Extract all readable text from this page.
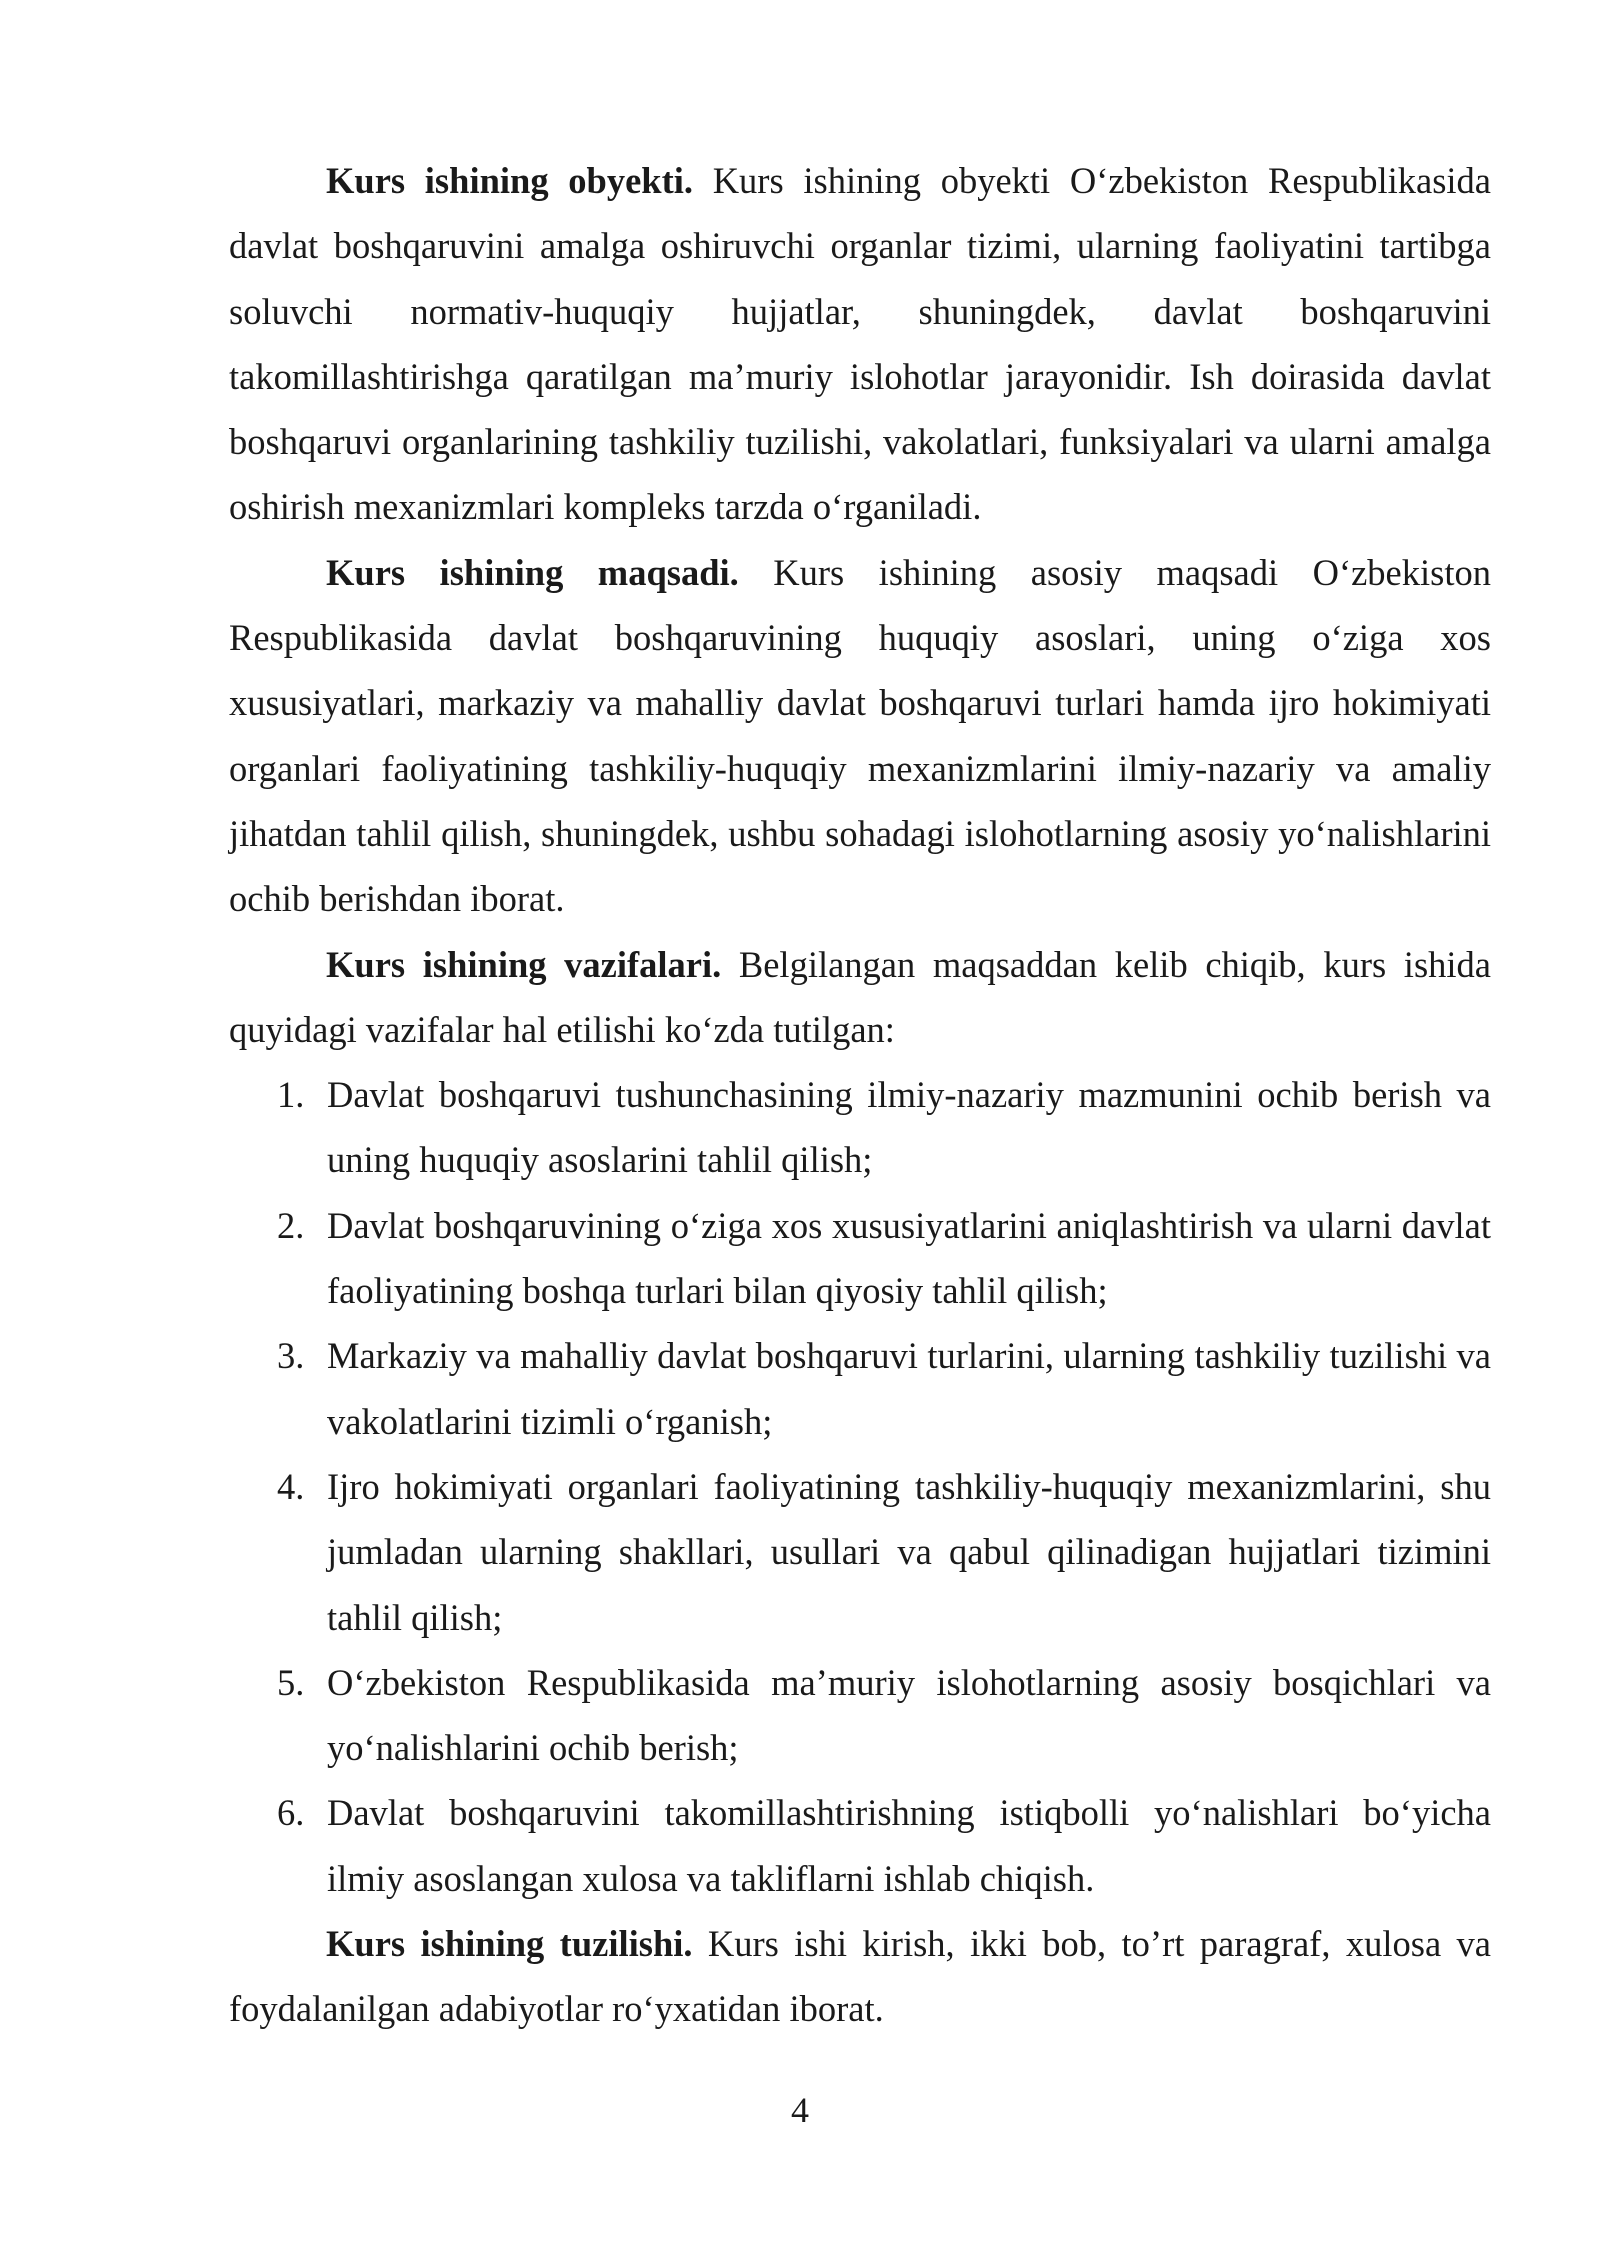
Kurs ishining obyekti. Kurs ishining obyekti O‘zbekiston Respublikasida davlat boshqaruvini amalga oshiruvchi organlar tizimi, ularning faoliyatini tartibga soluvchi normativ-huquqiy hujjatlar, shuningdek, davlat boshqaruvini takomillashtirishga qaratilgan ma’muriy islohotlar jarayonidir. Ish doirasida davlat boshqaruvi organlarining tashkiliy tuzilishi, vakolatlari, funksiyalari va ularni amalga oshirish mexanizmlari kompleks tarzda o‘rganiladi.

Kurs ishining maqsadi. Kurs ishining asosiy maqsadi O‘zbekiston Respublikasida davlat boshqaruvining huquqiy asoslari, uning o‘ziga xos xususiyatlari, markaziy va mahalliy davlat boshqaruvi turlari hamda ijro hokimiyati organlari faoliyatining tashkiliy-huquqiy mexanizmlarini ilmiy-nazariy va amaliy jihatdan tahlil qilish, shuningdek, ushbu sohadagi islohotlarning asosiy yo‘nalishlarini ochib berishdan iborat.

Kurs ishining vazifalari. Belgilangan maqsaddan kelib chiqib, kurs ishida quyidagi vazifalar hal etilishi ko‘zda tutilgan:

1. Davlat boshqaruvi tushunchasining ilmiy-nazariy mazmunini ochib berish va uning huquqiy asoslarini tahlil qilish;
2. Davlat boshqaruvining o‘ziga xos xususiyatlarini aniqlashtirish va ularni davlat faoliyatining boshqa turlari bilan qiyosiy tahlil qilish;
3. Markaziy va mahalliy davlat boshqaruvi turlarini, ularning tashkiliy tuzilishi va vakolatlarini tizimli o‘rganish;
4. Ijro hokimiyati organlari faoliyatining tashkiliy-huquqiy mexanizmlarini, shu jumladan ularning shakllari, usullari va qabul qilinadigan hujjatlari tizimini tahlil qilish;
5. O‘zbekiston Respublikasida ma’muriy islohotlarning asosiy bosqichlari va yo‘nalishlarini ochib berish;
6. Davlat boshqaruvini takomillashtirishning istiqbolli yo‘nalishlari bo‘yicha ilmiy asoslangan xulosa va takliflarni ishlab chiqish.

Kurs ishining tuzilishi. Kurs ishi kirish, ikki bob, to’rt paragraf, xulosa va foydalanilgan adabiyotlar ro‘yxatidan iborat.

4
